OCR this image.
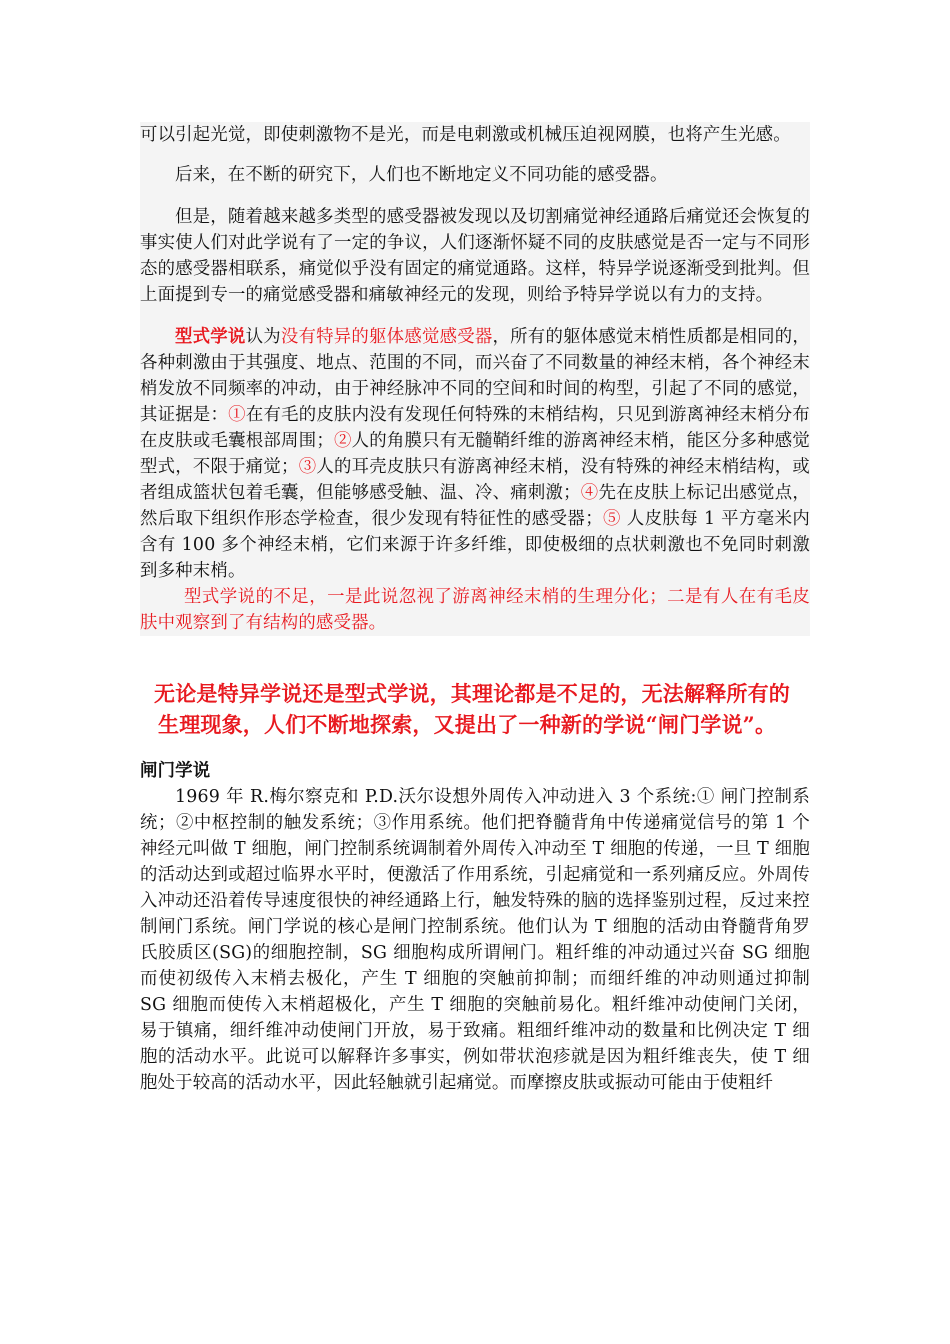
可以引起光觉，即使刺激物不是光，而是电刺激或机械压迫视网膜，也将产生光感。

后来，在不断的研究下，人们也不断地定义不同功能的感受器。

但是，随着越来越多类型的感受器被发现以及切割痛觉神经通路后痛觉还会恢复的事实使人们对此学说有了一定的争议，人们逐渐怀疑不同的皮肤感觉是否一定与不同形态的感受器相联系，痛觉似乎没有固定的痛觉通路。这样，特异学说逐渐受到批判。但上面提到专一的痛觉感受器和痛敏神经元的发现，则给予特异学说以有力的支持。

型式学说认为没有特异的躯体感觉感受器，所有的躯体感觉末梢性质都是相同的，各种刺激由于其强度、地点、范围的不同，而兴奋了不同数量的神经末梢，各个神经末梢发放不同频率的冲动，由于神经脉冲不同的空间和时间的构型，引起了不同的感觉，其证据是：①在有毛的皮肤内没有发现任何特殊的末梢结构，只见到游离神经末梢分布在皮肤或毛囊根部周围；②人的角膜只有无髓鞘纤维的游离神经末梢，能区分多种感觉型式，不限于痛觉；③人的耳壳皮肤只有游离神经末梢，没有特殊的神经末梢结构，或者组成篮状包着毛囊，但能够感受触、温、冷、痛刺激；④先在皮肤上标记出感觉点，然后取下组织作形态学检查，很少发现有特征性的感受器；⑤ 人皮肤每 1 平方毫米内含有 100 多个神经末梢，它们来源于许多纤维，即使极细的点状刺激也不免同时刺激到多种末梢。

型式学说的不足，一是此说忽视了游离神经末梢的生理分化；二是有人在有毛皮肤中观察到了有结构的感受器。

无论是特异学说还是型式学说，其理论都是不足的，无法解释所有的生理现象，人们不断地探索，又提出了一种新的学说“闸门学说”。

闸门学说

1969 年 R.梅尔察克和 P.D.沃尔设想外周传入冲动进入 3 个系统:① 闸门控制系统；②中枢控制的触发系统；③作用系统。他们把脊髓背角中传递痛觉信号的第 1 个神经元叫做 T 细胞，闸门控制系统调制着外周传入冲动至 T 细胞的传递，一旦 T 细胞的活动达到或超过临界水平时，便激活了作用系统，引起痛觉和一系列痛反应。外周传入冲动还沿着传导速度很快的神经通路上行，触发特殊的脑的选择鉴别过程，反过来控制闸门系统。闸门学说的核心是闸门控制系统。他们认为 T 细胞的活动由脊髓背角罗氏胶质区(SG)的细胞控制，SG 细胞构成所谓闸门。粗纤维的冲动通过兴奋 SG 细胞而使初级传入末梢去极化，产生 T 细胞的突触前抑制；而细纤维的冲动则通过抑制 SG 细胞而使传入末梢超极化，产生 T 细胞的突触前易化。粗纤维冲动使闸门关闭，易于镇痛，细纤维冲动使闸门开放，易于致痛。粗细纤维冲动的数量和比例决定 T 细胞的活动水平。此说可以解释许多事实，例如带状泡疹就是因为粗纤维丧失，使 T 细胞处于较高的活动水平，因此轻触就引起痛觉。而摩擦皮肤或振动可能由于使粗纤
